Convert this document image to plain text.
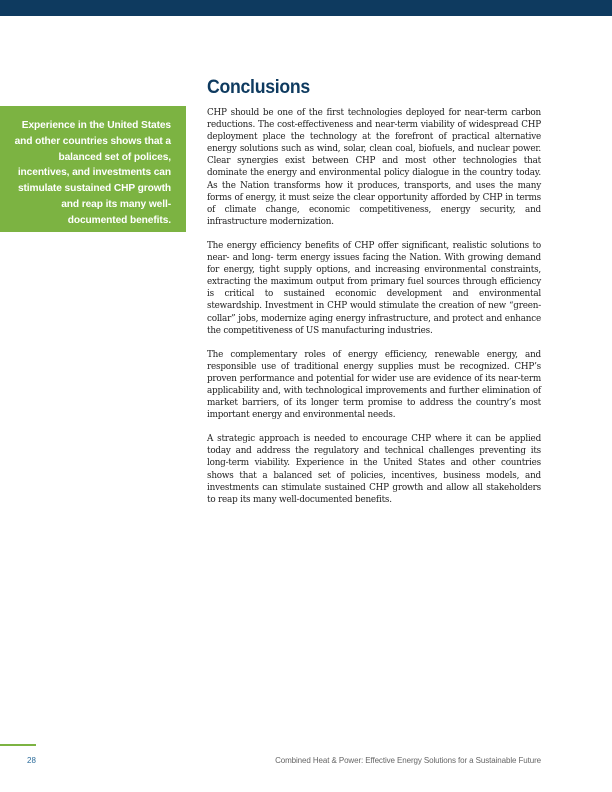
Experience in the United States and other countries shows that a balanced set of polices, incentives, and investments can stimulate sustained CHP growth and reap its many well-documented benefits.

Conclusions

CHP should be one of the first technologies deployed for near-term carbon reductions. The cost-effectiveness and near-term viability of widespread CHP deployment place the technology at the forefront of practical alternative energy solutions such as wind, solar, clean coal, biofuels, and nuclear power. Clear synergies exist between CHP and most other technologies that dominate the energy and environmental policy dialogue in the country today. As the Nation transforms how it produces, transports, and uses the many forms of energy, it must seize the clear opportunity afforded by CHP in terms of climate change, economic competitiveness, energy security, and infrastructure modernization.

The energy efficiency benefits of CHP offer significant, realistic solutions to near- and long- term energy issues facing the Nation. With growing demand for energy, tight supply options, and increasing environmental constraints, extracting the maximum output from primary fuel sources through efficiency is critical to sustained economic development and environmental stewardship. Investment in CHP would stimulate the creation of new “green-collar” jobs, modernize aging energy infrastructure, and protect and enhance the competitiveness of US manufacturing industries.

The complementary roles of energy efficiency, renewable energy, and responsible use of traditional energy supplies must be recognized. CHP’s proven performance and potential for wider use are evidence of its near-term applicability and, with technological improvements and further elimination of market barriers, of its longer term promise to address the country’s most important energy and environmental needs.

A strategic approach is needed to encourage CHP where it can be applied today and address the regulatory and technical challenges preventing its long-term viability. Experience in the United States and other countries shows that a balanced set of policies, incentives, business models, and investments can stimulate sustained CHP growth and allow all stakeholders to reap its many well-documented benefits.

28	Combined Heat & Power: Effective Energy Solutions for a Sustainable Future
